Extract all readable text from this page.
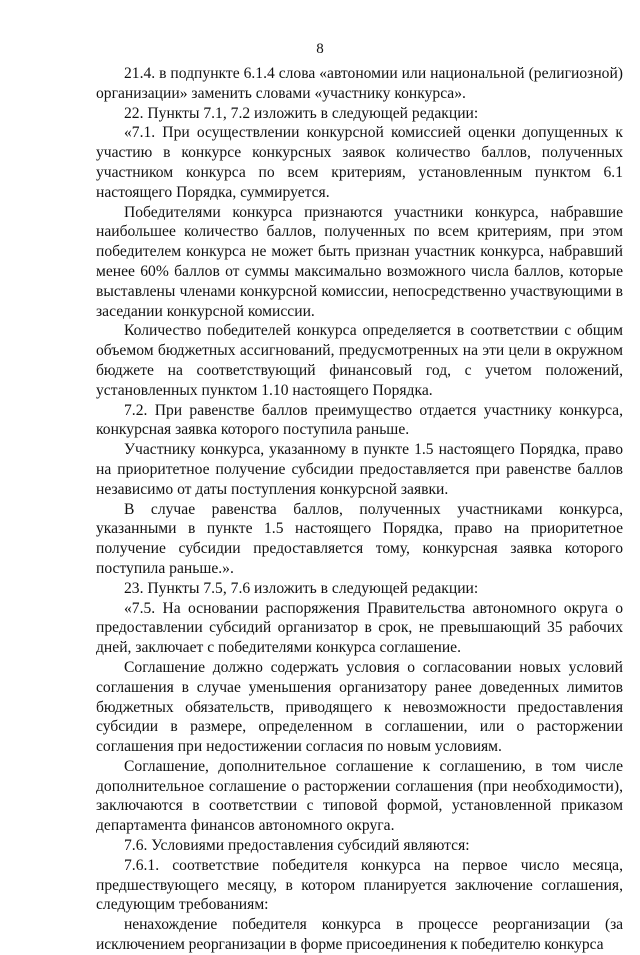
8

21.4. в подпункте 6.1.4 слова «автономии или национальной (религиозной) организации» заменить словами «участнику конкурса».

22. Пункты 7.1, 7.2 изложить в следующей редакции:

«7.1. При осуществлении конкурсной комиссией оценки допущенных к участию в конкурсе конкурсных заявок количество баллов, полученных участником конкурса по всем критериям, установленным пунктом 6.1 настоящего Порядка, суммируется.

Победителями конкурса признаются участники конкурса, набравшие наибольшее количество баллов, полученных по всем критериям, при этом победителем конкурса не может быть признан участник конкурса, набравший менее 60% баллов от суммы максимально возможного числа баллов, которые выставлены членами конкурсной комиссии, непосредственно участвующими в заседании конкурсной комиссии.

Количество победителей конкурса определяется в соответствии с общим объемом бюджетных ассигнований, предусмотренных на эти цели в окружном бюджете на соответствующий финансовый год, с учетом положений, установленных пунктом 1.10 настоящего Порядка.

7.2. При равенстве баллов преимущество отдается участнику конкурса, конкурсная заявка которого поступила раньше.

Участнику конкурса, указанному в пункте 1.5 настоящего Порядка, право на приоритетное получение субсидии предоставляется при равенстве баллов независимо от даты поступления конкурсной заявки.

В случае равенства баллов, полученных участниками конкурса, указанными в пункте 1.5 настоящего Порядка, право на приоритетное получение субсидии предоставляется тому, конкурсная заявка которого поступила раньше.».

23. Пункты 7.5, 7.6 изложить в следующей редакции:

«7.5. На основании распоряжения Правительства автономного округа о предоставлении субсидий организатор в срок, не превышающий 35 рабочих дней, заключает с победителями конкурса соглашение.

Соглашение должно содержать условия о согласовании новых условий соглашения в случае уменьшения организатору ранее доведенных лимитов бюджетных обязательств, приводящего к невозможности предоставления субсидии в размере, определенном в соглашении, или о расторжении соглашения при недостижении согласия по новым условиям.

Соглашение, дополнительное соглашение к соглашению, в том числе дополнительное соглашение о расторжении соглашения (при необходимости), заключаются в соответствии с типовой формой, установленной приказом департамента финансов автономного округа.

7.6. Условиями предоставления субсидий являются:

7.6.1. соответствие победителя конкурса на первое число месяца, предшествующего месяцу, в котором планируется заключение соглашения, следующим требованиям:

ненахождение победителя конкурса в процессе реорганизации (за исключением реорганизации в форме присоединения к победителю конкурса
